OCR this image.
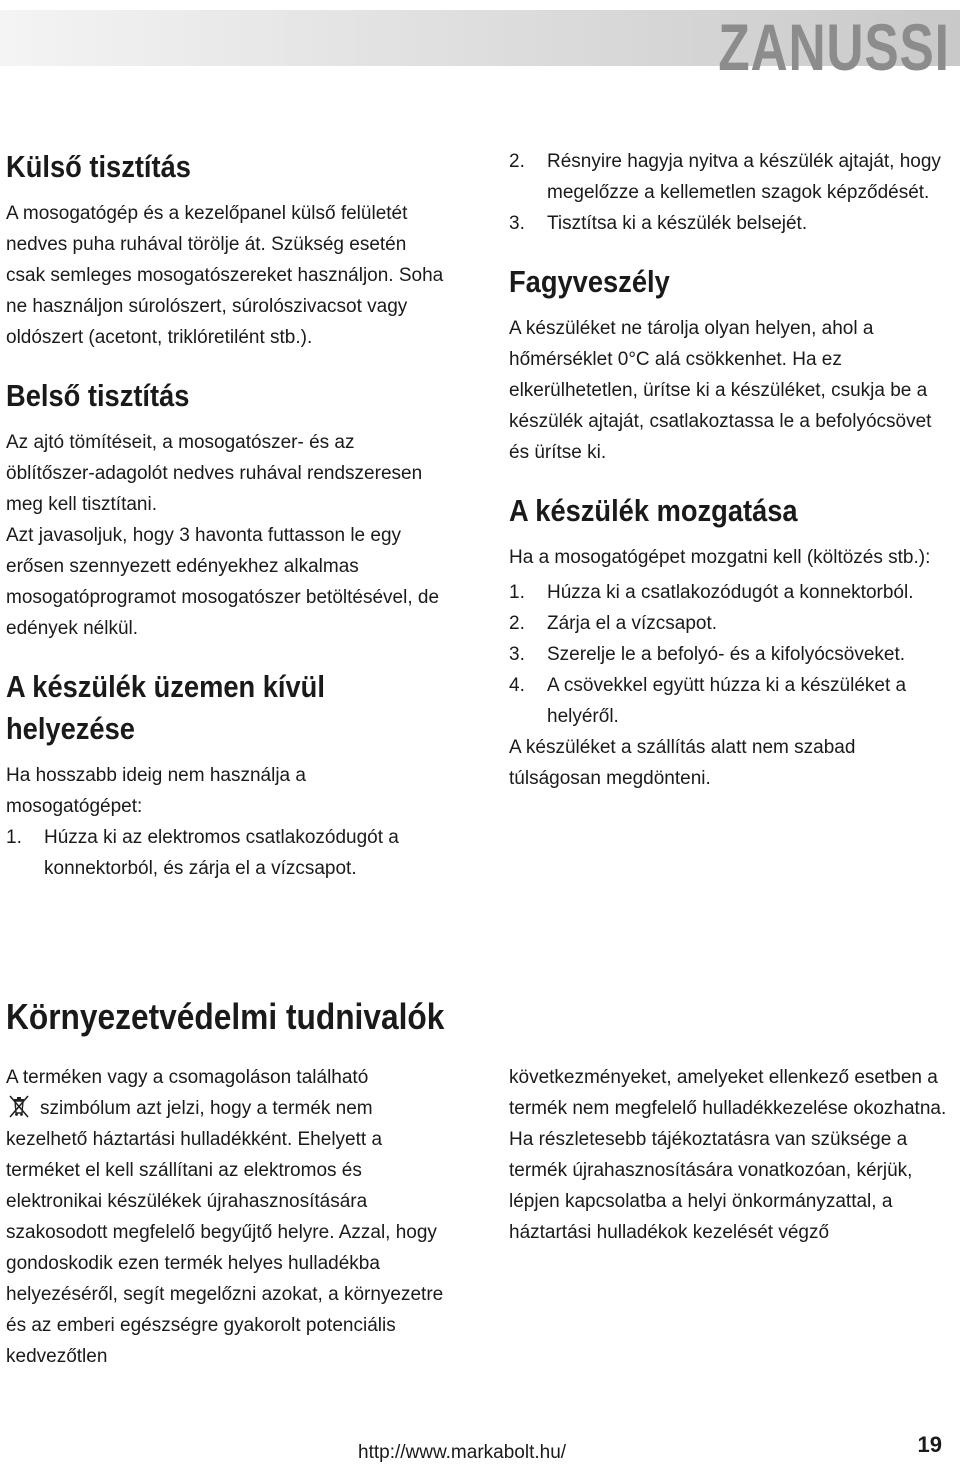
ZANUSSI
Külső tisztítás

A mosogatógép és a kezelőpanel külső felületét nedves puha ruhával törölje át. Szükség esetén csak semleges mosogatószereket használjon. Soha ne használjon súrolószert, súrolószivacsot vagy oldószert (acetont, triklóretilént stb.).

Belső tisztítás

Az ajtó tömítéseit, a mosogatószer- és az öblítőszer-adagolót nedves ruhával rendszeresen meg kell tisztítani.

Azt javasoljuk, hogy 3 havonta futtasson le egy erősen szennyezett edényekhez alkalmas mosogatóprogramot mosogatószer betöltésével, de edények nélkül.

A készülék üzemen kívül helyezése

Ha hosszabb ideig nem használja a mosogatógépet:

1. Húzza ki az elektromos csatlakozódugót a konnektorból, és zárja el a vízcsapot.
2. Résnyire hagyja nyitva a készülék ajtaját, hogy megelőzze a kellemetlen szagok képződését.
3. Tisztítsa ki a készülék belsejét.
Fagyveszély

A készüléket ne tárolja olyan helyen, ahol a hőmérséklet 0°C alá csökkenhet. Ha ez elkerülhetetlen, ürítse ki a készüléket, csukja be a készülék ajtaját, csatlakoztassa le a befolyócsövet és ürítse ki.

A készülék mozgatása

Ha a mosogatógépet mozgatni kell (költözés stb.):

1. Húzza ki a csatlakozódugót a konnektorból.
2. Zárja el a vízcsapot.
3. Szerelje le a befolyó- és a kifolyócsöveket.
4. A csövekkel együtt húzza ki a készüléket a helyéről.

A készüléket a szállítás alatt nem szabad túlságosan megdönteni.

Környezetvédelmi tudnivalók

A terméken vagy a csomagoláson található

szimbólum azt jelzi, hogy a termék nem kezelhető háztartási hulladékként. Ehelyett a terméket el kell szállítani az elektromos és elektronikai készülékek újrahasznosítására szakosodott megfelelő begyűjtő helyre. Azzal, hogy gondoskodik ezen termék helyes hulladékba helyezéséről, segít megelőzni azokat, a környezetre és az emberi egészségre gyakorolt potenciális kedvezőtlen

következményeket, amelyeket ellenkező esetben a termék nem megfelelő hulladékkezelése okozhatna. Ha részletesebb tájékoztatásra van szüksége a termék újrahasznosítására vonatkozóan, kérjük, lépjen kapcsolatba a helyi önkormányzattal, a háztartási hulladékok kezelését végző

http://www.markabolt.hu/	19
